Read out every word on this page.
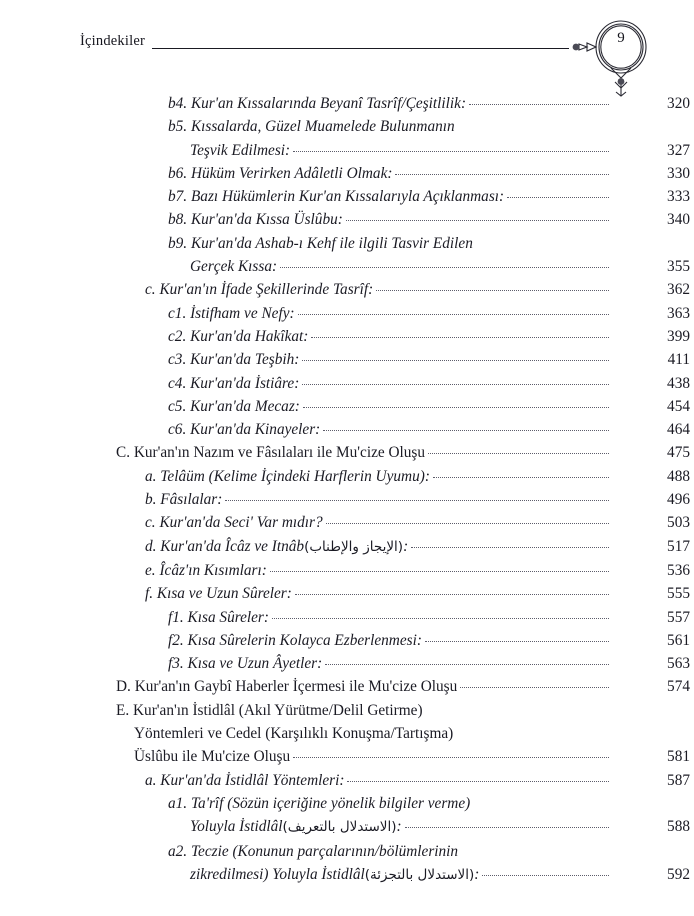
İçindekiler	9
b4. Kur'an Kıssalarında Beyanî Tasrîf/Çeşitlilik:	320
b5. Kıssalarda, Güzel Muamelede Bulunmanın
Teşvik Edilmesi:	327
b6. Hüküm Verirken Adâletli Olmak:	330
b7. Bazı Hükümlerin Kur'an Kıssalarıyla Açıklanması:	333
b8. Kur'an'da Kıssa Üslûbu:	340
b9. Kur'an'da Ashab-ı Kehf ile ilgili Tasvir Edilen
Gerçek Kıssa:	355
c. Kur'an'ın İfade Şekillerinde Tasrîf:	362
c1. İstifham ve Nefy:	363
c2. Kur'an'da Hakîkat:	399
c3. Kur'an'da Teşbih:	411
c4. Kur'an'da İstiâre:	438
c5. Kur'an'da Mecaz:	454
c6. Kur'an'da Kinayeler:	464
C. Kur'an'ın Nazım ve Fâsılaları ile Mu'cize Oluşu	475
a. Telâüm (Kelime İçindeki Harflerin Uyumu):	488
b. Fâsılalar:	496
c. Kur'an'da Seci' Var mıdır?	503
d. Kur'an'da Îcâz ve Itnâb (الإيجاز والإطناب) :	517
e. Îcâz'ın Kısımları:	536
f. Kısa ve Uzun Sûreler:	555
f1. Kısa Sûreler:	557
f2. Kısa Sûrelerin Kolayca Ezberlenmesi:	561
f3. Kısa ve Uzun Âyetler:	563
D. Kur'an'ın Gaybî Haberler İçermesi ile Mu'cize Oluşu	574
E. Kur'an'ın İstidlâl (Akıl Yürütme/Delil Getirme)
Yöntemleri ve Cedel (Karşılıklı Konuşma/Tartışma)
Üslûbu ile Mu'cize Oluşu	581
a. Kur'an'da İstidlâl Yöntemleri:	587
a1. Ta'rîf (Sözün içeriğine yönelik bilgiler verme)
Yoluyla İstidlâl (الاستدلال بالتعريف) :	588
a2. Teczie (Konunun parçalarının/bölümlerinin
zikredilmesi) Yoluyla İstidlâl (الاستدلال بالتجزئة) :	592
